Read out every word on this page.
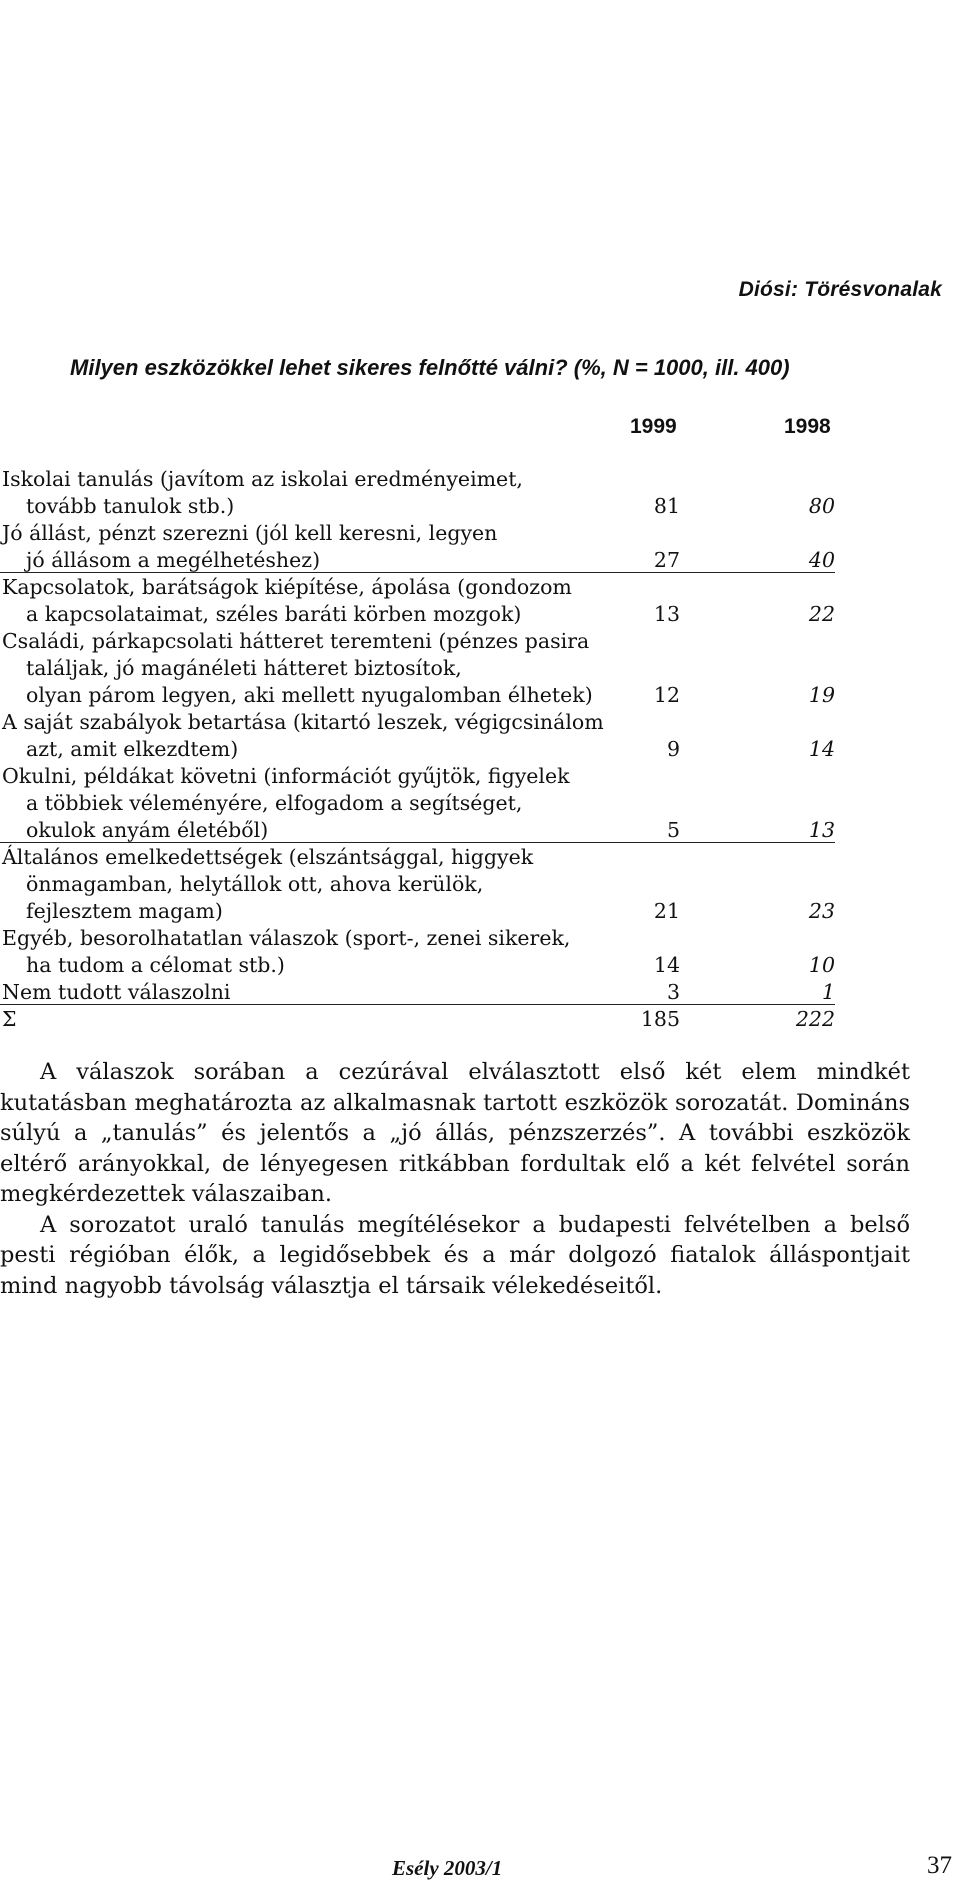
Diósi: Törésvonalak
Milyen eszközökkel lehet sikeres felnőtté válni? (%, N = 1000, ill. 400)
1999	1998
Iskolai tanulás (javítom az iskolai eredményeimet,
tovább tanulok stb.)	81	80
Jó állást, pénzt szerezni (jól kell keresni, legyen
jó állásom a megélhetéshez)	27	40
Kapcsolatok, barátságok kiépítése, ápolása (gondozom
a kapcsolataimat, széles baráti körben mozgok)	13	22
Családi, párkapcsolati hátteret teremteni (pénzes pasira
találjak, jó magánéleti hátteret biztosítok,
olyan párom legyen, aki mellett nyugalomban élhetek)	12	19
A saját szabályok betartása (kitartó leszek, végigcsinálom
azt, amit elkezdtem)	9	14
Okulni, példákat követni (információt gyűjtök, figyelek
a többiek véleményére, elfogadom a segítséget,
okulok anyám életéből)	5	13
Általános emelkedettségek (elszántsággal, higgyek
önmagamban, helytállok ott, ahova kerülök,
fejlesztem magam)	21	23
Egyéb, besorolhatatlan válaszok (sport-, zenei sikerek,
ha tudom a célomat stb.)	14	10
Nem tudott válaszolni	3	1
Σ	185	222

A válaszok sorában a cezúrával elválasztott első két elem mindkét kutatásban meghatározta az alkalmasnak tartott eszközök sorozatát. Domináns súlyú a „tanulás” és jelentős a „jó állás, pénzszerzés”. A további eszközök eltérő arányokkal, de lényegesen ritkábban fordultak elő a két felvétel során megkérdezettek válaszaiban.

A sorozatot uraló tanulás megítélésekor a budapesti felvételben a belső pesti régióban élők, a legidősebbek és a már dolgozó fiatalok álláspontjait mind nagyobb távolság választja el társaik vélekedéseitől.

Esély 2003/1	37
